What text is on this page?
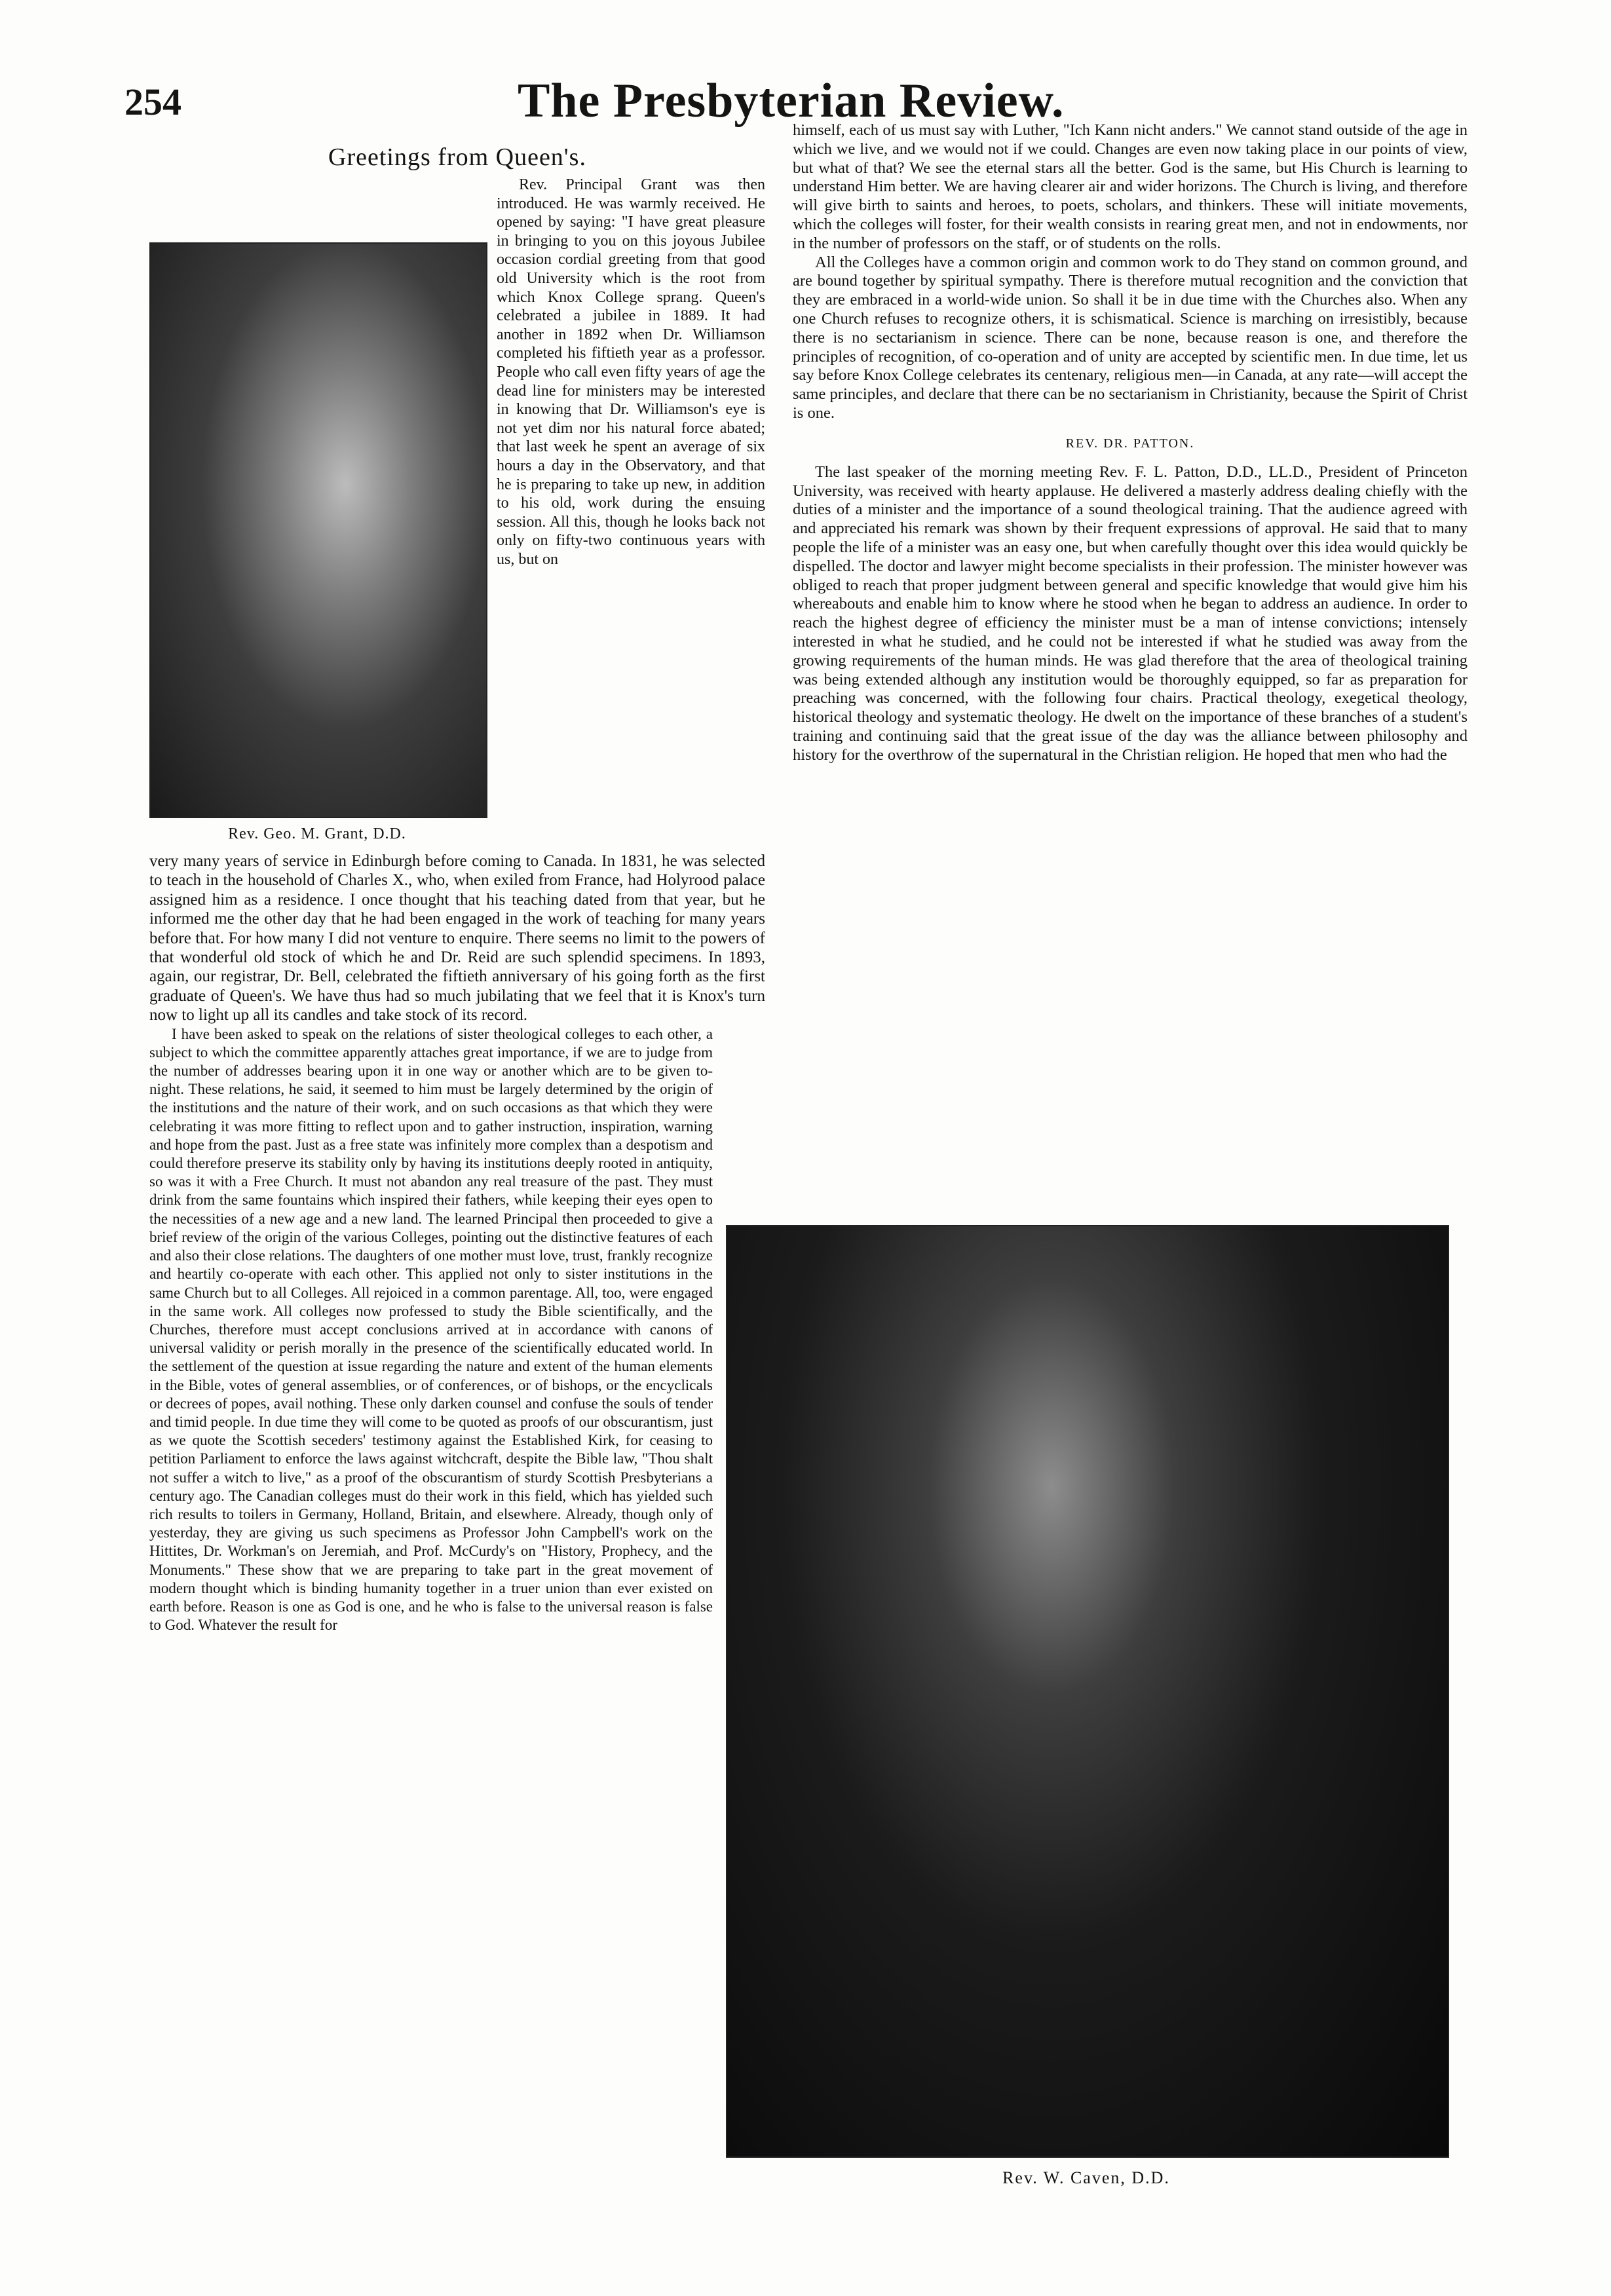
254	The Presbyterian Review.
Greetings from Queen's.

Rev. Principal Grant was then introduced. He was warmly received. He opened by saying: "I have great pleasure in bringing to you on this joyous Jubilee occasion cordial greeting from that good old University which is the root from which Knox College sprang. Queen's celebrated a jubilee in 1889. It had another in 1892 when Dr. Williamson completed his fiftieth year as a professor. People who call even fifty years of age the dead line for ministers may be interested in knowing that Dr. Williamson's eye is not yet dim nor his natural force abated; that last week he spent an average of six hours a day in the Observatory, and that he is preparing to take up new, in addition to his old, work during the ensuing session. All this, though he looks back not only on fifty-two continuous years with us, but on

Rev. Geo. M. Grant, D.D.

very many years of service in Edinburgh before coming to Canada. In 1831, he was selected to teach in the household of Charles X., who, when exiled from France, had Holyrood palace assigned him as a residence. I once thought that his teaching dated from that year, but he informed me the other day that he had been engaged in the work of teaching for many years before that. For how many I did not venture to enquire. There seems no limit to the powers of that wonderful old stock of which he and Dr. Reid are such splendid specimens. In 1893, again, our registrar, Dr. Bell, celebrated the fiftieth anniversary of his going forth as the first graduate of Queen's. We have thus had so much jubilating that we feel that it is Knox's turn now to light up all its candles and take stock of its record.

I have been asked to speak on the relations of sister theological colleges to each other, a subject to which the committee apparently attaches great importance, if we are to judge from the number of addresses bearing upon it in one way or another which are to be given to-night. These relations, he said, it seemed to him must be largely determined by the origin of the institutions and the nature of their work, and on such occasions as that which they were celebrating it was more fitting to reflect upon and to gather instruction, inspiration, warning and hope from the past. Just as a free state was infinitely more complex than a despotism and could therefore preserve its stability only by having its institutions deeply rooted in antiquity, so was it with a Free Church. It must not abandon any real treasure of the past. They must drink from the same fountains which inspired their fathers, while keeping their eyes open to the necessities of a new age and a new land. The learned Principal then proceeded to give a brief review of the origin of the various Colleges, pointing out the distinctive features of each and also their close relations. The daughters of one mother must love, trust, frankly recognize and heartily co-operate with each other. This applied not only to sister institutions in the same Church but to all Colleges. All rejoiced in a common parentage. All, too, were engaged in the same work. All colleges now professed to study the Bible scientifically, and the Churches, therefore must accept conclusions arrived at in accordance with canons of universal validity or perish morally in the presence of the scientifically educated world. In the settlement of the question at issue regarding the nature and extent of the human elements in the Bible, votes of general assemblies, or of conferences, or of bishops, or the encyclicals or decrees of popes, avail nothing. These only darken counsel and confuse the souls of tender and timid people. In due time they will come to be quoted as proofs of our obscurantism, just as we quote the Scottish seceders' testimony against the Established Kirk, for ceasing to petition Parliament to enforce the laws against witchcraft, despite the Bible law, "Thou shalt not suffer a witch to live," as a proof of the obscurantism of sturdy Scottish Presbyterians a century ago. The Canadian colleges must do their work in this field, which has yielded such rich results to toilers in Germany, Holland, Britain, and elsewhere. Already, though only of yesterday, they are giving us such specimens as Professor John Campbell's work on the Hittites, Dr. Workman's on Jeremiah, and Prof. McCurdy's on "History, Prophecy, and the Monuments." These show that we are preparing to take part in the great movement of modern thought which is binding humanity together in a truer union than ever existed on earth before. Reason is one as God is one, and he who is false to the universal reason is false to God. Whatever the result for

himself, each of us must say with Luther, "Ich Kann nicht anders." We cannot stand outside of the age in which we live, and we would not if we could. Changes are even now taking place in our points of view, but what of that? We see the eternal stars all the better. God is the same, but His Church is learning to understand Him better. We are having clearer air and wider horizons. The Church is living, and therefore will give birth to saints and heroes, to poets, scholars, and thinkers. These will initiate movements, which the colleges will foster, for their wealth consists in rearing great men, and not in endowments, nor in the number of professors on the staff, or of students on the rolls.

All the Colleges have a common origin and common work to do They stand on common ground, and are bound together by spiritual sympathy. There is therefore mutual recognition and the conviction that they are embraced in a world-wide union. So shall it be in due time with the Churches also. When any one Church refuses to recognize others, it is schismatical. Science is marching on irresistibly, because there is no sectarianism in science. There can be none, because reason is one, and therefore the principles of recognition, of co-operation and of unity are accepted by scientific men. In due time, let us say before Knox College celebrates its centenary, religious men—in Canada, at any rate—will accept the same principles, and declare that there can be no sectarianism in Christianity, because the Spirit of Christ is one.

REV. DR. PATTON.

The last speaker of the morning meeting Rev. F. L. Patton, D.D., LL.D., President of Princeton University, was received with hearty applause. He delivered a masterly address dealing chiefly with the duties of a minister and the importance of a sound theological training. That the audience agreed with and appreciated his remark was shown by their frequent expressions of approval. He said that to many people the life of a minister was an easy one, but when carefully thought over this idea would quickly be dispelled. The doctor and lawyer might become specialists in their profession. The minister however was obliged to reach that proper judgment between general and specific knowledge that would give him his whereabouts and enable him to know where he stood when he began to address an audience. In order to reach the highest degree of efficiency the minister must be a man of intense convictions; intensely interested in what he studied, and he could not be interested if what he studied was away from the growing requirements of the human minds. He was glad therefore that the area of theological training was being extended although any institution would be thoroughly equipped, so far as preparation for preaching was concerned, with the following four chairs. Practical theology, exegetical theology, historical theology and systematic theology. He dwelt on the importance of these branches of a student's training and continuing said that the great issue of the day was the alliance between philosophy and history for the overthrow of the supernatural in the Christian religion. He hoped that men who had the

Rev. W. Caven, D.D.
